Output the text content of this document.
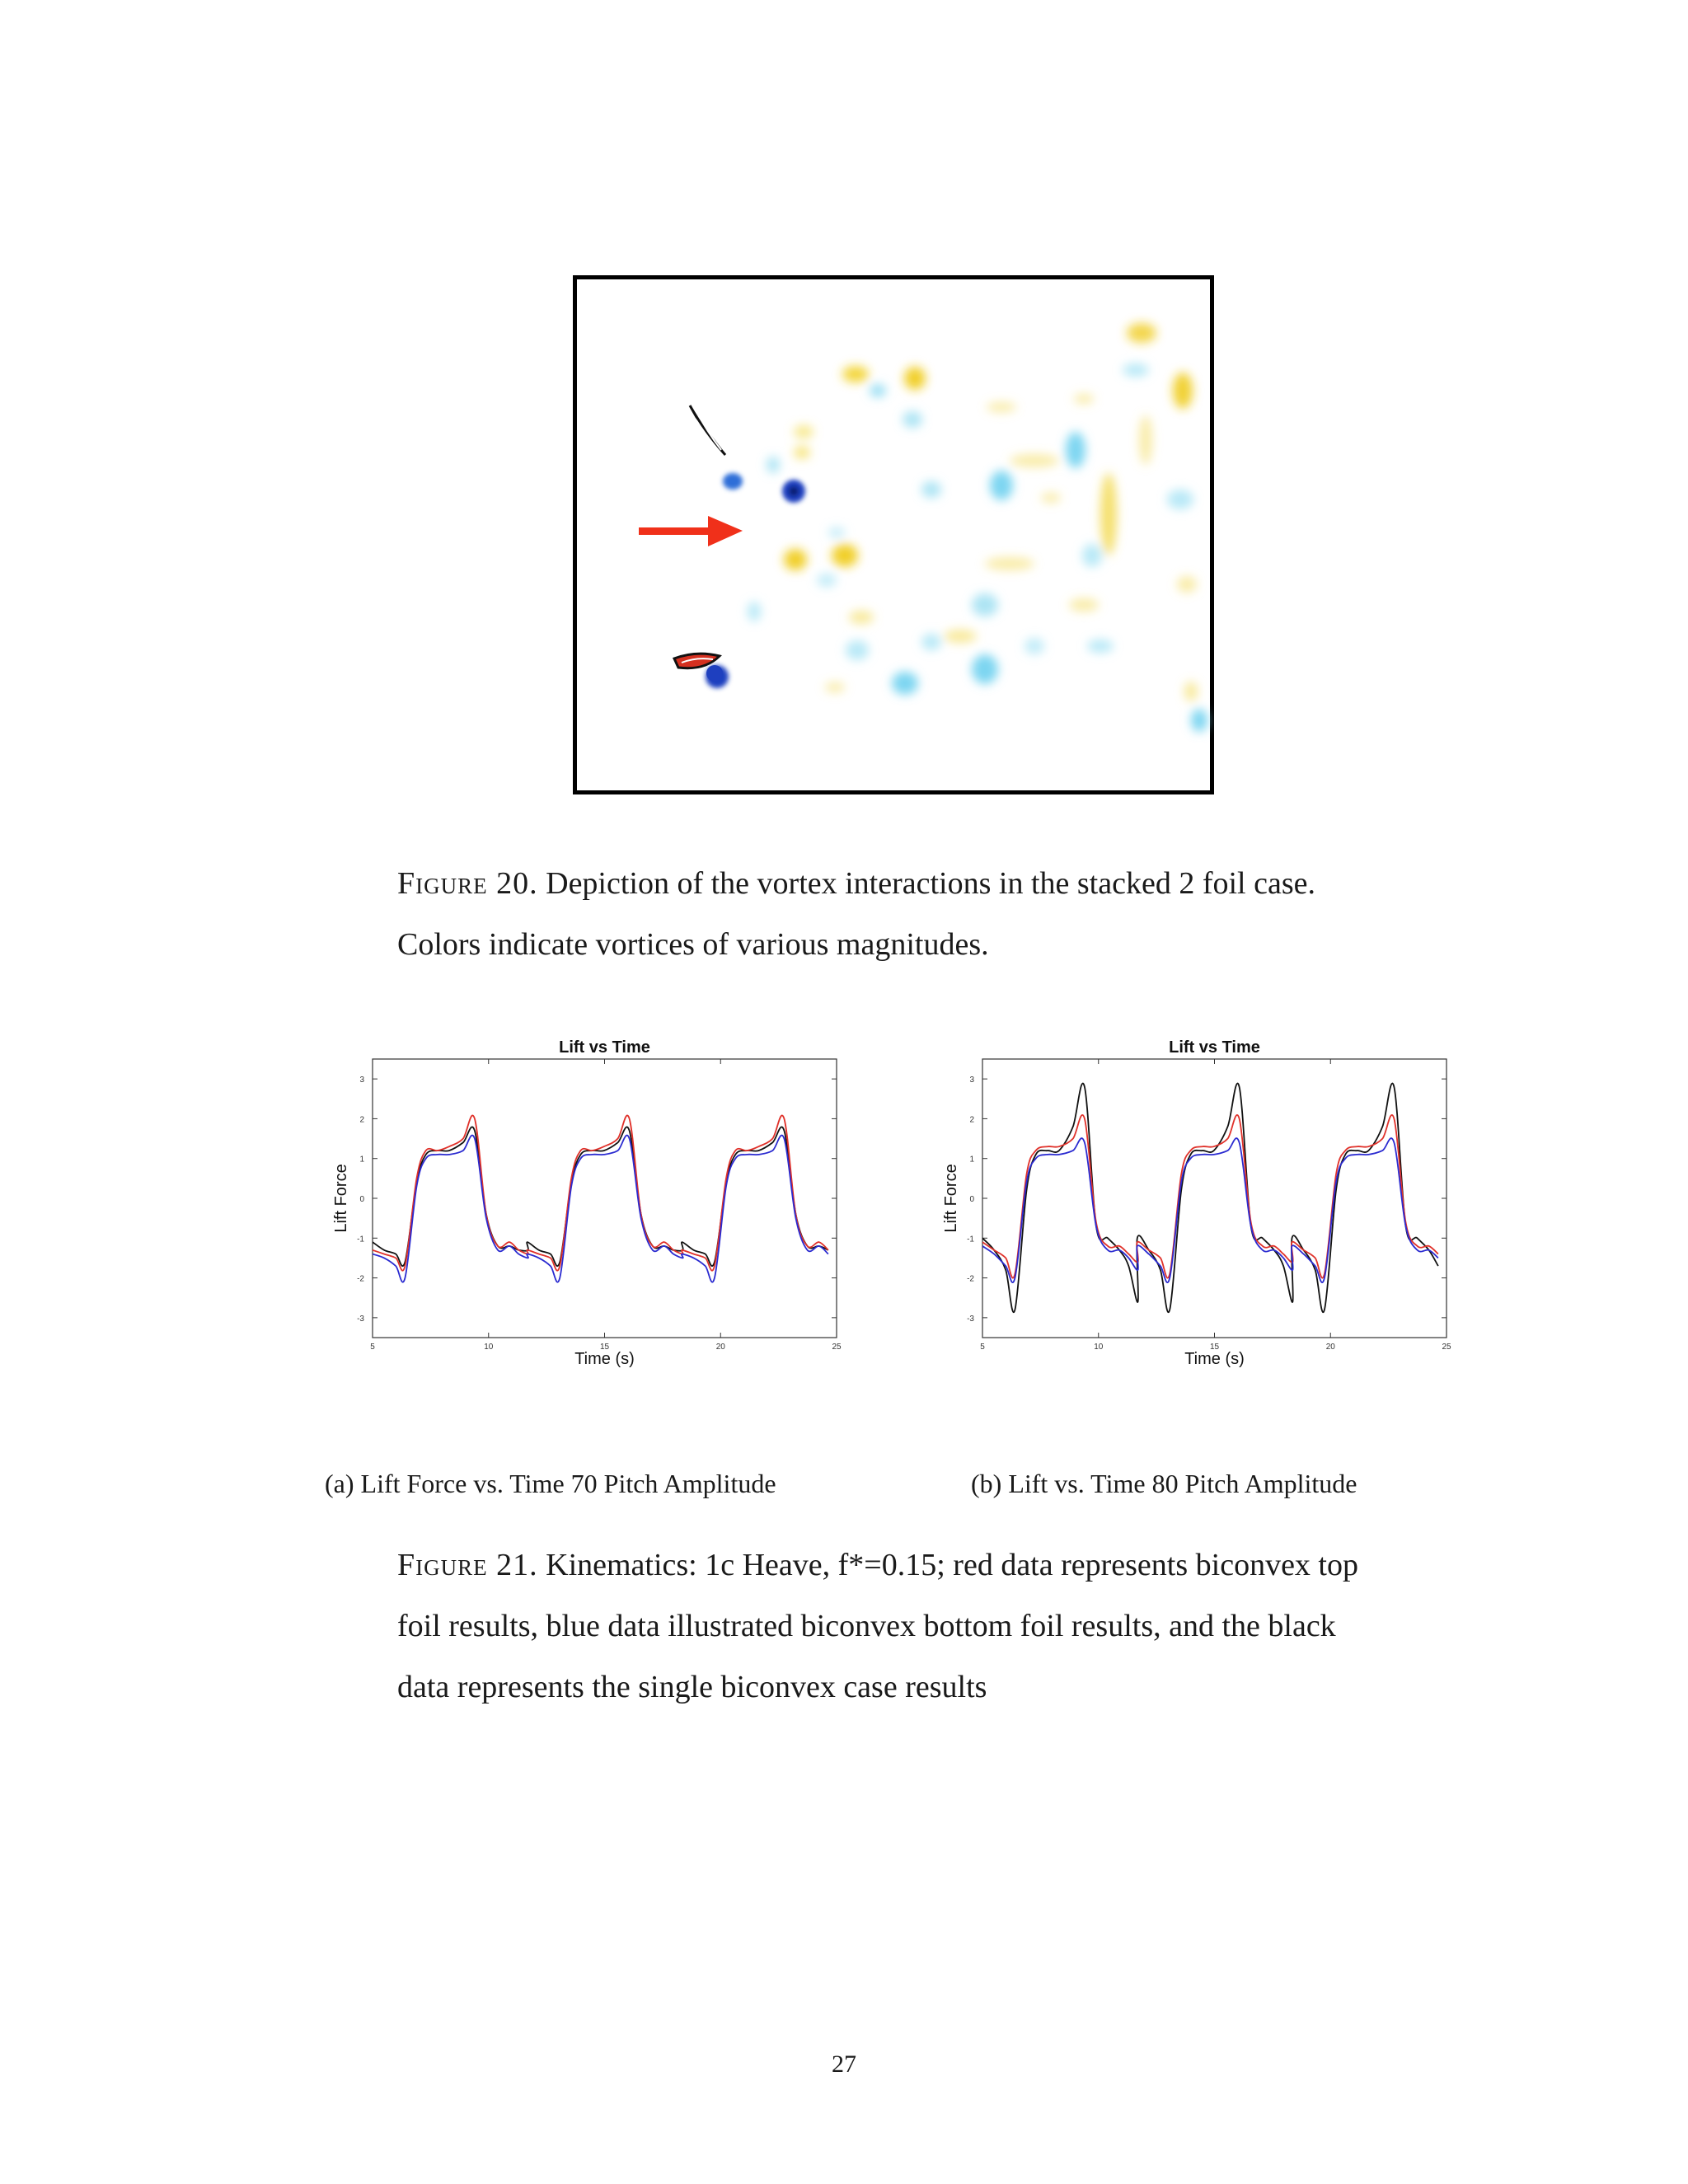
Figure 20. Depiction of the vortex interactions in the stacked 2 foil case. Colors indicate vortices of various magnitudes.
Lift vs Time
5	10	15	20	25
3
2
1
0
-1
-2
-3
Time (s)
Lift Force
Lift vs Time
5	10	15	20	25
3
2
1
0
-1
-2
-3
Time (s)
Lift Force
(a) Lift Force vs. Time 70 Pitch Amplitude	(b) Lift vs. Time 80 Pitch Amplitude
Figure 21. Kinematics: 1c Heave, f*=0.15; red data represents biconvex top foil results, blue data illustrated biconvex bottom foil results, and the black data represents the single biconvex case results
27
